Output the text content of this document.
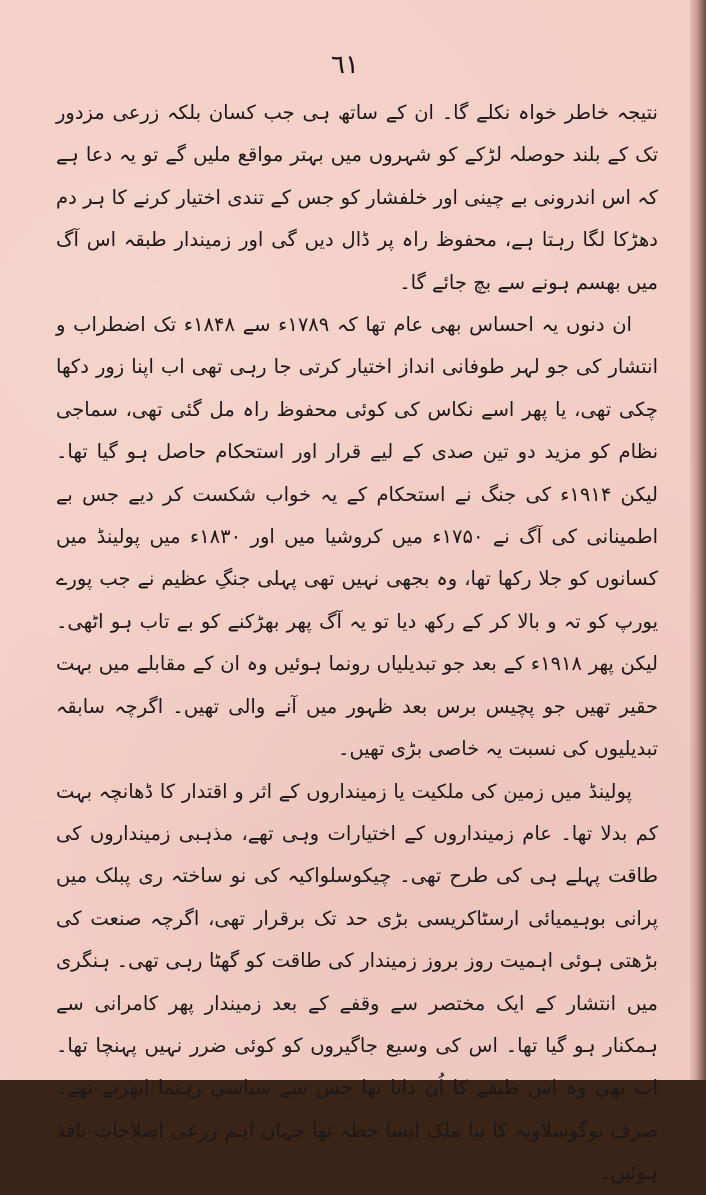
٦١

نتیجہ خاطر خواہ نکلے گا۔ ان کے ساتھ ہی جب کسان بلکہ زرعی مزدور تک کے بلند حوصلہ لڑکے کو شہروں میں بہتر مواقع ملیں گے تو یہ دعا ہے کہ اس اندرونی بے چینی اور خلفشار کو جس کے تندی اختیار کرنے کا ہر دم دھڑکا لگا رہتا ہے، محفوظ راہ پر ڈال دیں گی اور زمیندار طبقہ اس آگ میں بھسم ہونے سے بچ جائے گا۔

ان دنوں یہ احساس بھی عام تھا کہ ۱۷۸۹ء سے ۱۸۴۸ء تک اضطراب و انتشار کی جو لہر طوفانی انداز اختیار کرتی جا رہی تھی اب اپنا زور دکھا چکی تھی، یا پھر اسے نکاس کی کوئی محفوظ راہ مل گئی تھی، سماجی نظام کو مزید دو تین صدی کے لیے قرار اور استحکام حاصل ہو گیا تھا۔ لیکن ۱۹۱۴ء کی جنگ نے استحکام کے یہ خواب شکست کر دیے جس بے اطمینانی کی آگ نے ۱۷۵۰ء میں کروشیا میں اور ۱۸۳۰ء میں پولینڈ میں کسانوں کو جلا رکھا تھا، وہ بجھی نہیں تھی پہلی جنگِ عظیم نے جب پورے یورپ کو تہ و بالا کر کے رکھ دیا تو یہ آگ پھر بھڑکنے کو بے تاب ہو اٹھی۔ لیکن پھر ۱۹۱۸ء کے بعد جو تبدیلیاں رونما ہوئیں وہ ان کے مقابلے میں بہت حقیر تھیں جو پچیس برس بعد ظہور میں آنے والی تھیں۔ اگرچہ سابقہ تبدیلیوں کی نسبت یہ خاصی بڑی تھیں۔

پولینڈ میں زمین کی ملکیت یا زمینداروں کے اثر و اقتدار کا ڈھانچہ بہت کم بدلا تھا۔ عام زمینداروں کے اختیارات وہی تھے، مذہبی زمینداروں کی طاقت پہلے ہی کی طرح تھی۔ چیکوسلواکیہ کی نو ساختہ ری پبلک میں پرانی بوہیمیائی ارسٹاکریسی بڑی حد تک برقرار تھی، اگرچہ صنعت کی بڑھتی ہوئی اہمیت روز بروز زمیندار کی طاقت کو گھٹا رہی تھی۔ ہنگری میں انتشار کے ایک مختصر سے وقفے کے بعد زمیندار پھر کامرانی سے ہمکنار ہو گیا تھا۔ اس کی وسیع جاگیروں کو کوئی ضرر نہیں پہنچا تھا۔ اب بھی وہ اس طبقے کا اُن داتا تھا جس سے سیاسی رہنما ابھرتے تھے۔ صرف یوگوسلاویہ کا نیا ملک ایسا خطہ تھا جہاں اہم زرعی اصلاحات نافذ ہوئیں۔
